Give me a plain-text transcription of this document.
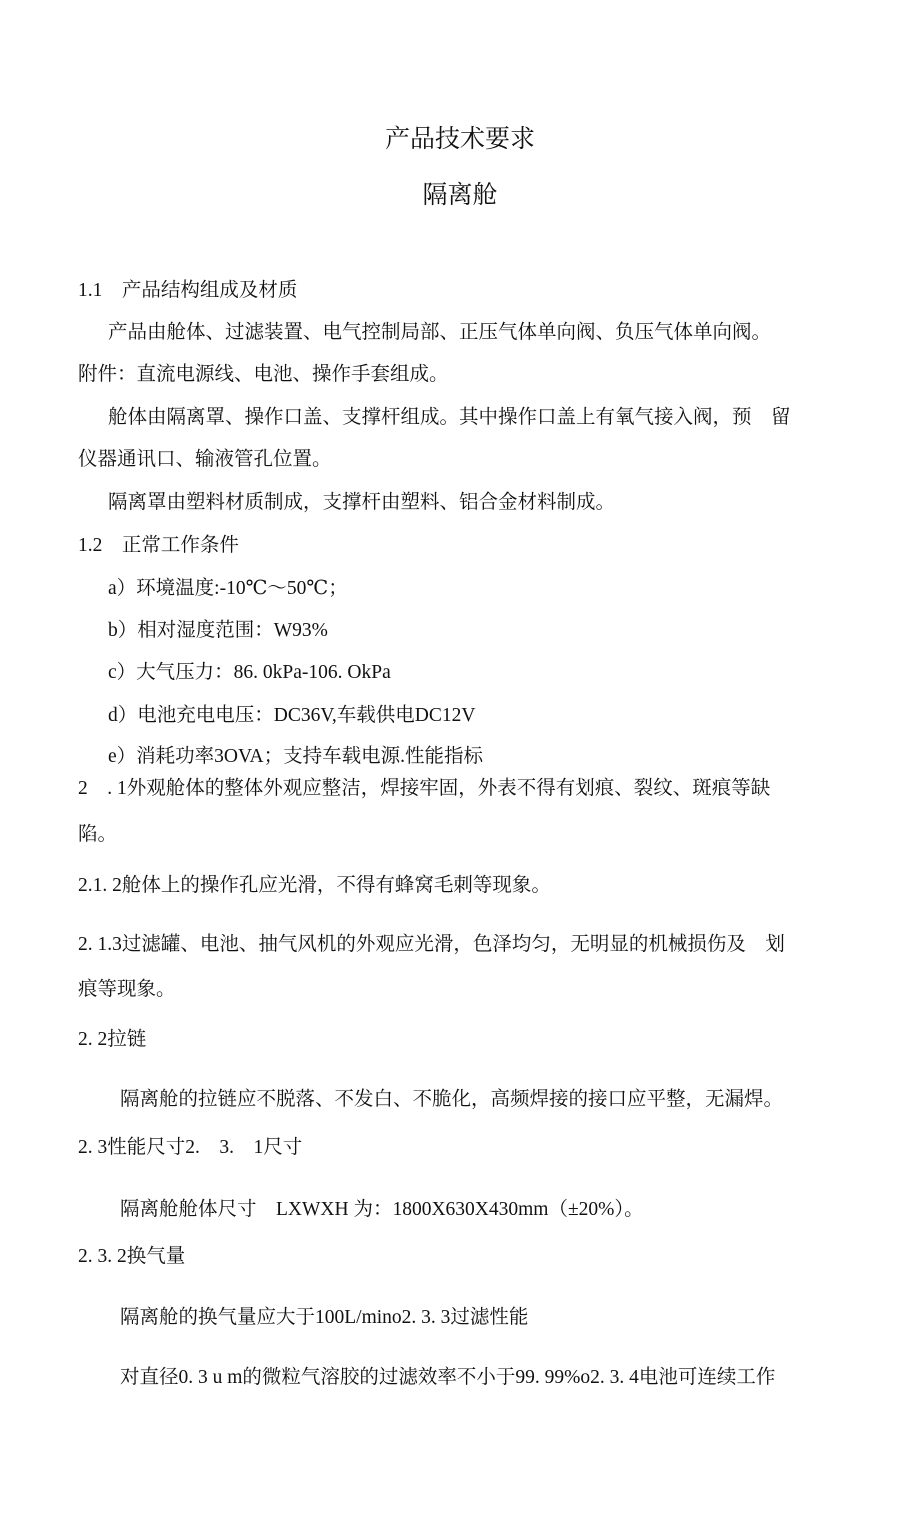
产品技术要求
隔离舱
1.1　产品结构组成及材质
产品由舱体、过滤装置、电气控制局部、正压气体单向阀、负压气体单向阀。
附件：直流电源线、电池、操作手套组成。
舱体由隔离罩、操作口盖、支撑杆组成。其中操作口盖上有氧气接入阀，预　留
仪器通讯口、输液管孔位置。
隔离罩由塑料材质制成，支撑杆由塑料、铝合金材料制成。
1.2　正常工作条件
a）环境温度:-10℃〜50℃；
b）相对湿度范围：W93%
c）大气压力：86. 0kPa-106. OkPa
d）电池充电电压：DC36V,车载供电DC12V
e）消耗功率3OVA；支持车载电源.性能指标
2　. 1外观舱体的整体外观应整洁，焊接牢固，外表不得有划痕、裂纹、斑痕等缺
陷。
2.1. 2舱体上的操作孔应光滑，不得有蜂窝毛刺等现象。
2. 1.3过滤罐、电池、抽气风机的外观应光滑，色泽均匀，无明显的机械损伤及　划
痕等现象。
2. 2拉链
隔离舱的拉链应不脱落、不发白、不脆化，高频焊接的接口应平整，无漏焊。
2. 3性能尺寸2.　3.　1尺寸
隔离舱舱体尺寸　LXWXH 为：1800X630X430mm（±20%）。
2. 3. 2换气量
隔离舱的换气量应大于100L/mino2. 3. 3过滤性能
对直径0. 3 u m的微粒气溶胶的过滤效率不小于99. 99%o2. 3. 4电池可连续工作
